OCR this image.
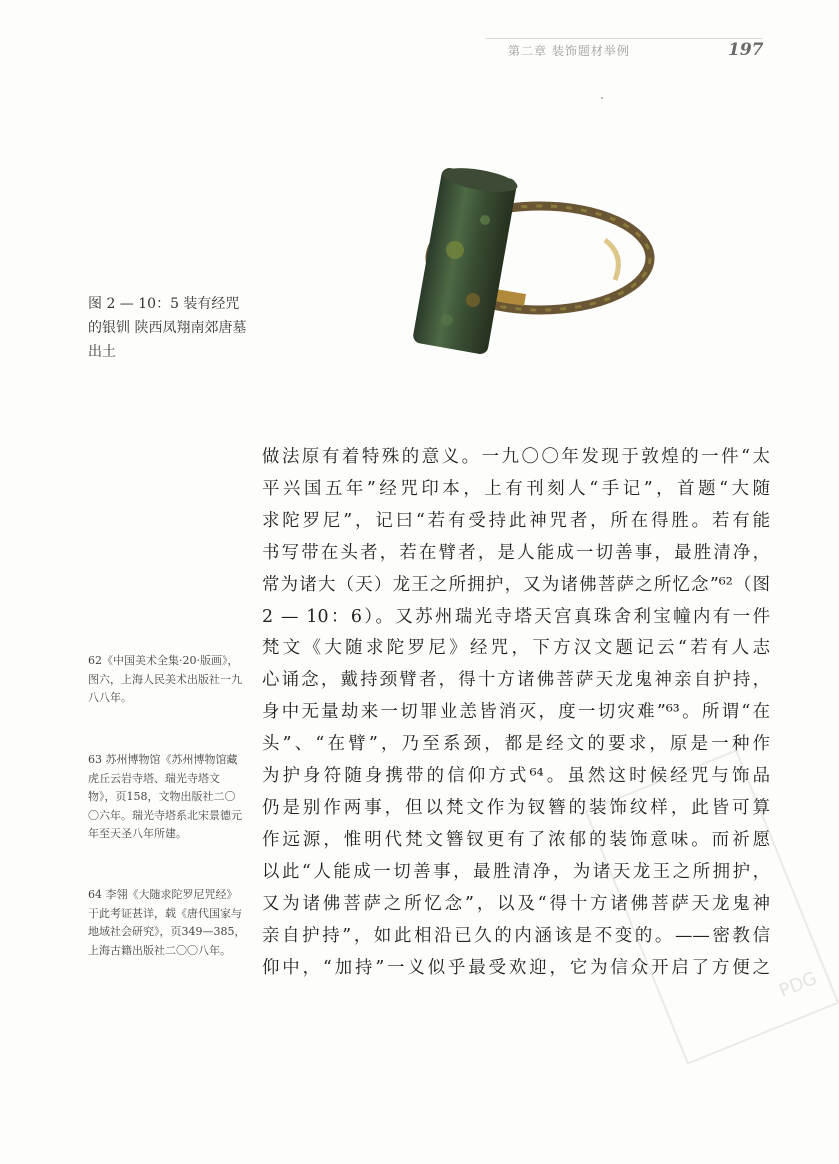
第二章 装饰题材举例	197
图 2 — 10：5 装有经咒的银钏 陕西凤翔南郊唐墓出土
62《中国美术全集·20·版画》，图六，上海人民美术出版社一九八八年。
63 苏州博物馆《苏州博物馆藏虎丘云岩寺塔、瑞光寺塔文物》，页158，文物出版社二〇〇六年。瑞光寺塔系北宋景德元年至天圣八年所建。
64 李翎《大随求陀罗尼咒经》于此考证甚详，载《唐代国家与地域社会研究》，页349—385，上海古籍出版社二〇〇八年。
做法原有着特殊的意义。一九〇〇年发现于敦煌的一件“太
平兴国五年”经咒印本，上有刊刻人“手记”，首题“大随
求陀罗尼”，记曰“若有受持此神咒者，所在得胜。若有能
书写带在头者，若在臂者，是人能成一切善事，最胜清净，
常为诸大（天）龙王之所拥护，又为诸佛菩萨之所忆念”⁶²（图
2 — 10：6）。又苏州瑞光寺塔天宫真珠舍利宝幢内有一件
梵文《大随求陀罗尼》经咒，下方汉文题记云“若有人志
心诵念，戴持颈臂者，得十方诸佛菩萨天龙鬼神亲自护持，
身中无量劫来一切罪业恙皆消灭，度一切灾难”⁶³。所谓“在
头”、“在臂”，乃至系颈，都是经文的要求，原是一种作
为护身符随身携带的信仰方式⁶⁴。虽然这时候经咒与饰品
仍是别作两事，但以梵文作为钗簪的装饰纹样，此皆可算
作远源，惟明代梵文簪钗更有了浓郁的装饰意味。而祈愿
以此“人能成一切善事，最胜清净，为诸天龙王之所拥护，
又为诸佛菩萨之所忆念”，以及“得十方诸佛菩萨天龙鬼神
亲自护持”，如此相沿已久的内涵该是不变的。——密教信
仰中，“加持”一义似乎最受欢迎，它为信众开启了方便之
PDG
